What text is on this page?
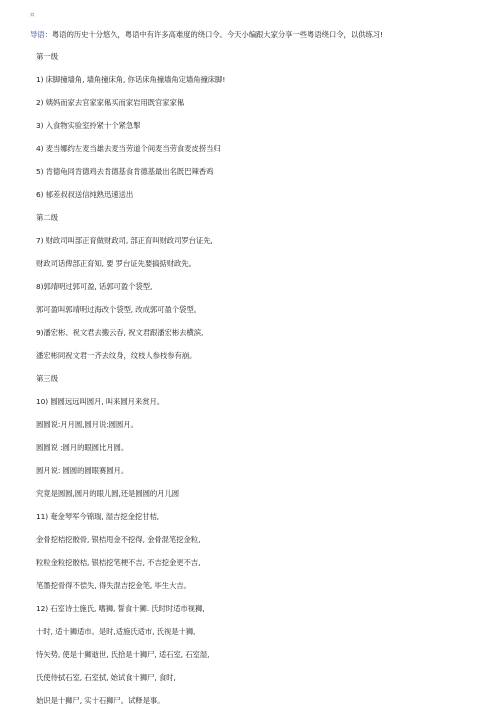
¤

导语：粤语的历史十分悠久，粤语中有许多高难度的绕口令。今天小编跟大家分享一些粤语绕口令，以供练习!

第一级

1) 床脚撞墙角, 墙角撞床角, 你话床角撞墙角定墙角撞床脚!

2) 姨妈而家去官家家俬买而家岩用既官家家俬

3) 入食物实验室拎紧十个紧急掣

4) 麦当娜约左麦当雄去麦当劳道个间麦当劳食麦皮捞当归

5) 肯德龟同肯德鸡去肯德基食肯德基最出名既巴辣香鸡

6) 郁差叔叔送信纯熟迅速送出

第二级

7) 财政司叫部正育做财政司, 部正育叫财政司罗台证先,

财政司话俾部正育知, 要 罗台证先要搞掂财政先。

8)郭靖明过郭可盈, 话郭可盈个袋型,

郭可盈叫郭靖明过海改个袋型, 改成郭可盈个袋型。

9)潘宏彬、祝文君去搬云吞, 祝文君跟潘宏彬去横滨,

潘宏彬同祝文君一齐去纹身，纹枝人参枝参有崩。

第三级

10) 圆圆远远叫圆月, 叫来圆月来赏月。

圆圆说:月月圆,圆月说:圆圆月。

圆圆说 :圆月的眼圆比月圆。

圆月说: 圆圆的圆眼赛圆月。

究竟是圆圆,圆月的眼儿圆,还是圆圆的月儿圆

11) 奄金琴军今锦瑞, 湿吉挖金挖甘桔,

金骨挖桔挖骹骨, 银桔甩金不挖得, 金骨混笔挖金粒,

粒粒金粒挖骹桔, 银桔挖笔梗不吉, 不吉挖金更不吉,

笔墨挖骨得不偿失, 得失混吉挖金笔, 毕生大吉。

12) 石室诗士施氏, 嗜狮, 誓食十狮. 氏时时适市视狮,

十时, 适十狮适市。是时,适施氏适市, 氏视是十狮,

恃矢势, 使是十狮逝世, 氏拾是十狮尸, 适石室, 石室湿,

氏使侍拭石室, 石室拭, 始试食十狮尸, 食时,

始识是十狮尸, 实十石狮尸。试释是事。
